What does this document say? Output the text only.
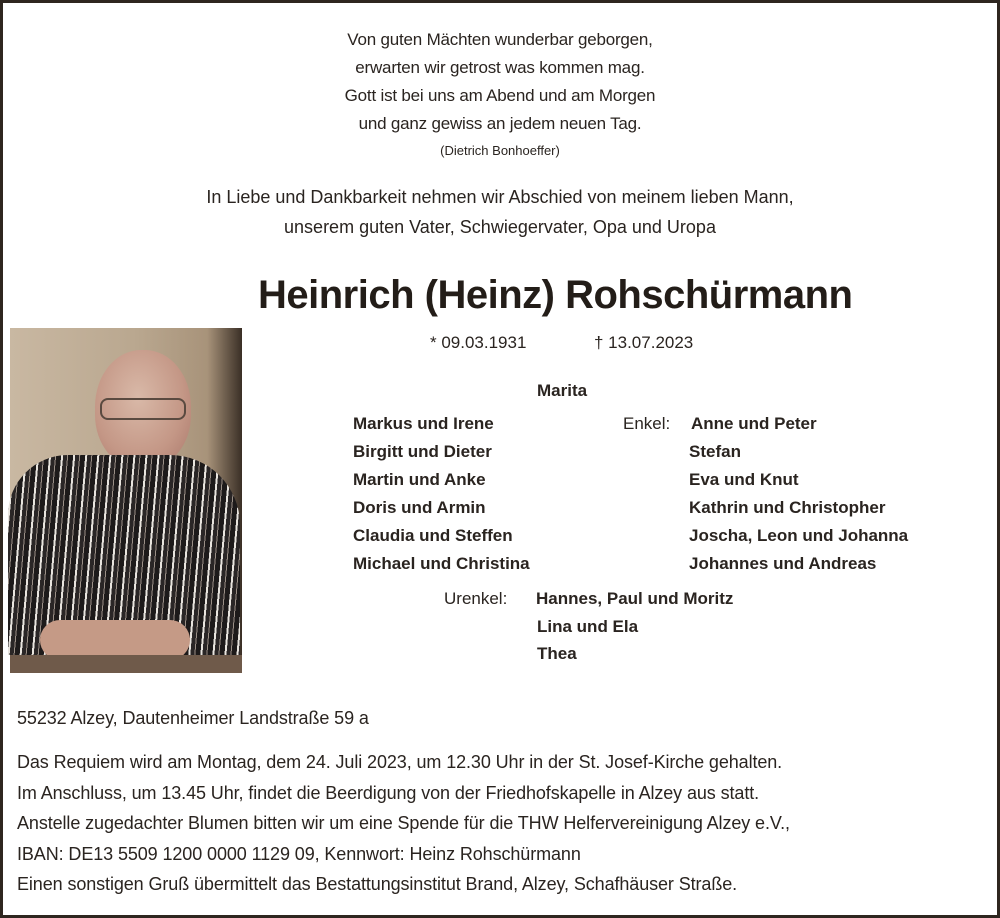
Von guten Mächten wunderbar geborgen,
erwarten wir getrost was kommen mag.
Gott ist bei uns am Abend und am Morgen
und ganz gewiss an jedem neuen Tag.
(Dietrich Bonhoeffer)
In Liebe und Dankbarkeit nehmen wir Abschied von meinem lieben Mann,
unserem guten Vater, Schwiegervater, Opa und Uropa
Heinrich (Heinz) Rohschürmann
* 09.03.1931	† 13.07.2023
Marita
Markus und Irene
Birgitt und Dieter
Martin und Anke
Doris und Armin
Claudia und Steffen
Michael und Christina
Enkel: Anne und Peter
Stefan
Eva und Knut
Kathrin und Christopher
Joscha, Leon und Johanna
Johannes und Andreas
Urenkel: Hannes, Paul und Moritz
Lina und Ela
Thea
55232 Alzey, Dautenheimer Landstraße 59 a
Das Requiem wird am Montag, dem 24. Juli 2023, um 12.30 Uhr in der St. Josef-Kirche gehalten.
Im Anschluss, um 13.45 Uhr, findet die Beerdigung von der Friedhofskapelle in Alzey aus statt.
Anstelle zugedachter Blumen bitten wir um eine Spende für die THW Helfervereinigung Alzey e.V.,
IBAN: DE13 5509 1200 0000 1129 09, Kennwort: Heinz Rohschürmann
Einen sonstigen Gruß übermittelt das Bestattungsinstitut Brand, Alzey, Schafhäuser Straße.
